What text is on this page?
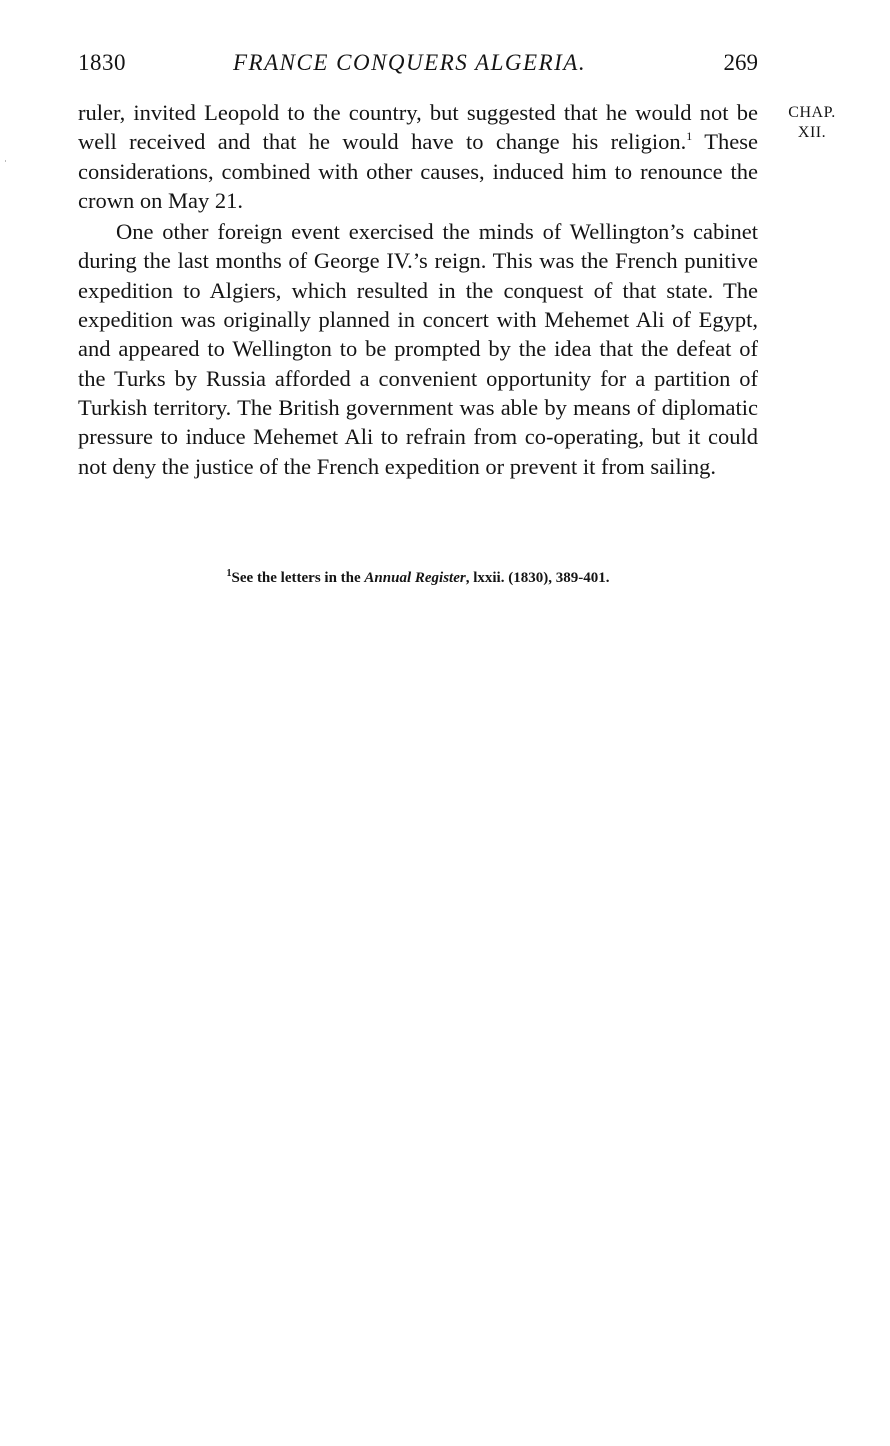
1830	FRANCE CONQUERS ALGERIA.	269
CHAP.
XII.

ruler, invited Leopold to the country, but suggested that he would not be well received and that he would have to change his religion.$^1$ These considerations, combined with other causes, induced him to renounce the crown on May 21.

One other foreign event exercised the minds of Wellington’s cabinet during the last months of George IV.’s reign. This was the French punitive expedition to Algiers, which resulted in the conquest of that state. The expedition was originally planned in concert with Mehemet Ali of Egypt, and appeared to Wellington to be prompted by the idea that the defeat of the Turks by Russia afforded a convenient opportunity for a partition of Turkish territory. The British government was able by means of diplomatic pressure to induce Mehemet Ali to refrain from co-operating, but it could not deny the justice of the French expedition or prevent it from sailing.

$^1$See the letters in the Annual Register, lxxii. (1830), 389-401.
